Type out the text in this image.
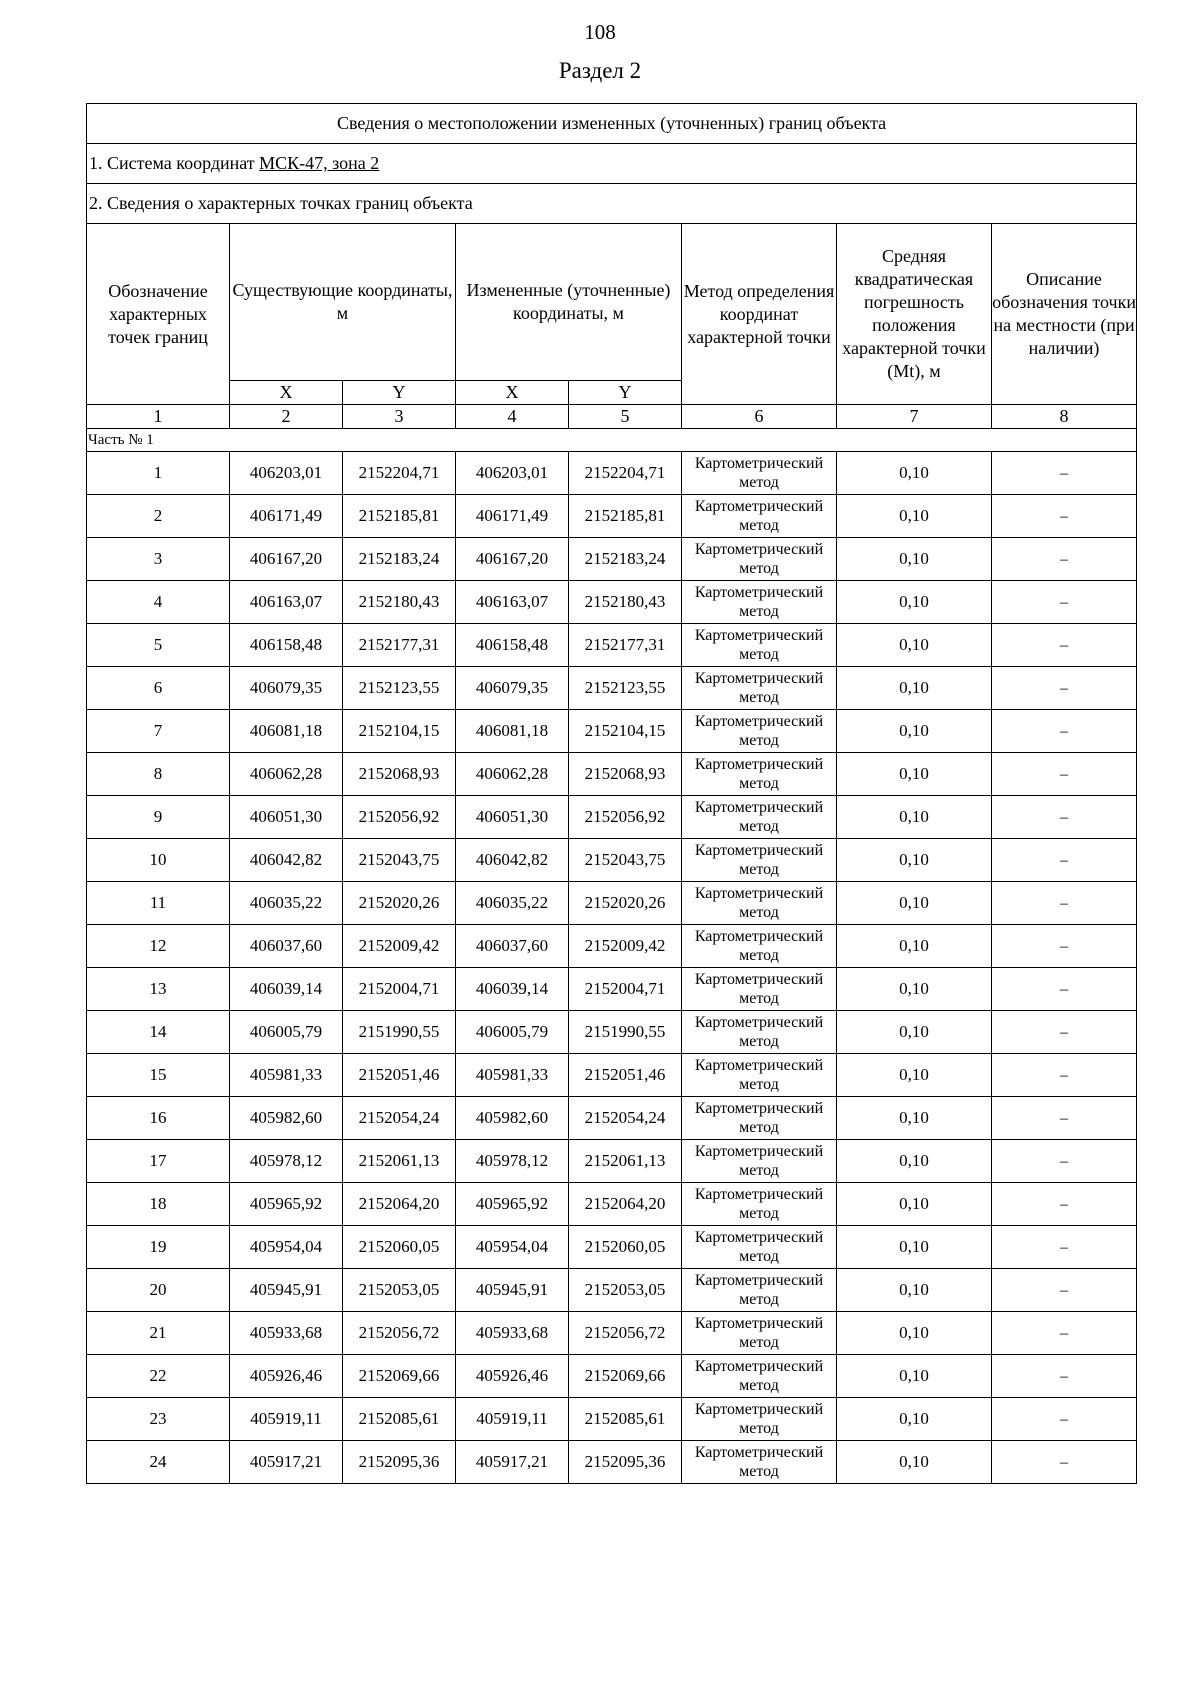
108
Раздел 2
Сведения о местоположении измененных (уточненных) границ объекта							
1. Система координат МСК-47, зона 2							
2. Сведения о характерных точках границ объекта							
Обозначение характерных точек границ	Существующие координаты, м		Измененные (уточненные) координаты, м		Метод определения координат характерной точки	Средняя квадратическая погрешность положения характерной точки (Мt), м	Описание обозначения точки на местности (при наличии)
	X	Y	X	Y			
1	2	3	4	5	6	7	8
Часть № 1							
1	406203,01	2152204,71	406203,01	2152204,71	Картометрический метод	0,10	–
2	406171,49	2152185,81	406171,49	2152185,81	Картометрический метод	0,10	–
3	406167,20	2152183,24	406167,20	2152183,24	Картометрический метод	0,10	–
4	406163,07	2152180,43	406163,07	2152180,43	Картометрический метод	0,10	–
5	406158,48	2152177,31	406158,48	2152177,31	Картометрический метод	0,10	–
6	406079,35	2152123,55	406079,35	2152123,55	Картометрический метод	0,10	–
7	406081,18	2152104,15	406081,18	2152104,15	Картометрический метод	0,10	–
8	406062,28	2152068,93	406062,28	2152068,93	Картометрический метод	0,10	–
9	406051,30	2152056,92	406051,30	2152056,92	Картометрический метод	0,10	–
10	406042,82	2152043,75	406042,82	2152043,75	Картометрический метод	0,10	–
11	406035,22	2152020,26	406035,22	2152020,26	Картометрический метод	0,10	–
12	406037,60	2152009,42	406037,60	2152009,42	Картометрический метод	0,10	–
13	406039,14	2152004,71	406039,14	2152004,71	Картометрический метод	0,10	–
14	406005,79	2151990,55	406005,79	2151990,55	Картометрический метод	0,10	–
15	405981,33	2152051,46	405981,33	2152051,46	Картометрический метод	0,10	–
16	405982,60	2152054,24	405982,60	2152054,24	Картометрический метод	0,10	–
17	405978,12	2152061,13	405978,12	2152061,13	Картометрический метод	0,10	–
18	405965,92	2152064,20	405965,92	2152064,20	Картометрический метод	0,10	–
19	405954,04	2152060,05	405954,04	2152060,05	Картометрический метод	0,10	–
20	405945,91	2152053,05	405945,91	2152053,05	Картометрический метод	0,10	–
21	405933,68	2152056,72	405933,68	2152056,72	Картометрический метод	0,10	–
22	405926,46	2152069,66	405926,46	2152069,66	Картометрический метод	0,10	–
23	405919,11	2152085,61	405919,11	2152085,61	Картометрический метод	0,10	–
24	405917,21	2152095,36	405917,21	2152095,36	Картометрический метод	0,10	–
